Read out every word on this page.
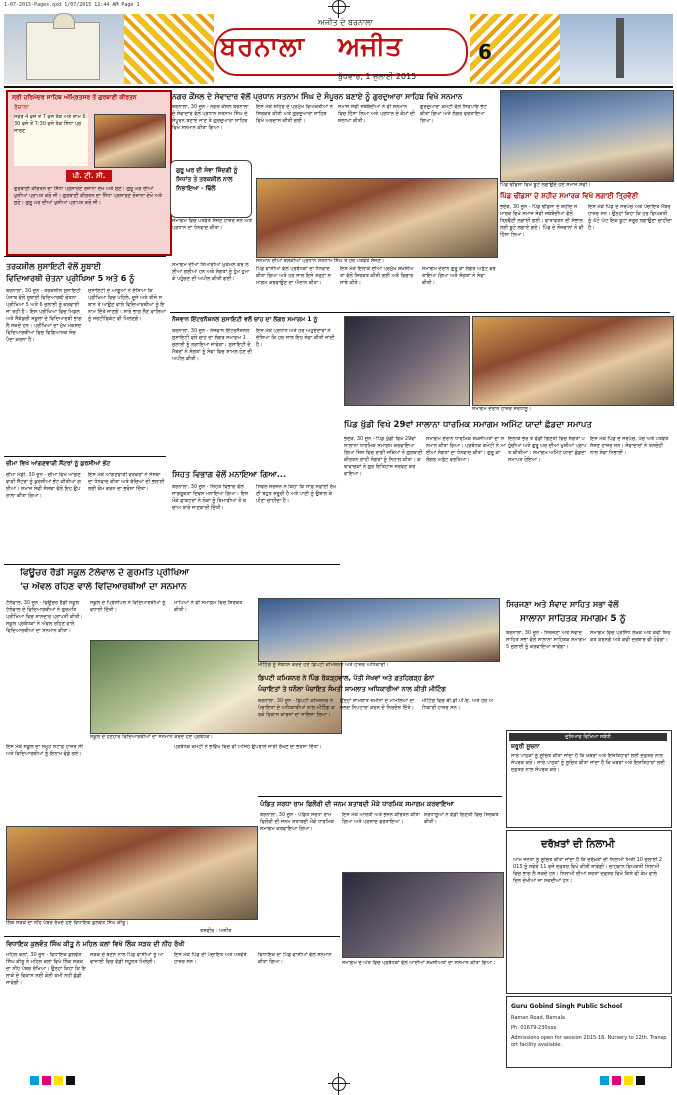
1-07-2015-Pages.qxd 1/07/2015 12:44 AM Page 1
ਅਜੀਤ ਦੇ ਬਰਨਾਲਾ
ਬਰਨਾਲਾ ਅਜੀਤ
ਬੁੱਧਵਾਰ, 1 ਜੁਲਾਈ 2015
6
ਸ੍ਰੀ ਹਰਿਮੰਦਰ ਸਾਹਿਬ ਅੰਮ੍ਰਿਤਸਰ ਤੋਂ ਗੁਰਬਾਣੀ ਕੀਰਤਨ
ਰੋਜ਼ਾਨਾ
ਸਵੇਰੇ 4 ਵਜੇ ਤੋਂ 7 ਵਜੇ ਤੱਕ ਅਤੇ ਸ਼ਾਮ 6:30 ਵਜੇ ਤੋਂ 7:30 ਵਜੇ ਤੱਕ ਸਿੱਧਾ ਪ੍ਰਸਾਰਣ
ਪੀ. ਟੀ. ਸੀ.
ਗੁਰਬਾਣੀ ਕੀਰਤਨ ਦਾ ਸਿੱਧਾ ਪ੍ਰਸਾਰਣ ਰੋਜ਼ਾਨਾ ਦੇਖੋ ਅਤੇ ਸੁਣੋ। ਗੁਰੂ ਘਰ ਦੀਆਂ ਖੁਸ਼ੀਆਂ ਪ੍ਰਾਪਤ ਕਰੋ ਜੀ। ਗੁਰਬਾਣੀ ਕੀਰਤਨ ਦਾ ਸਿੱਧਾ ਪ੍ਰਸਾਰਣ ਰੋਜ਼ਾਨਾ ਦੇਖੋ ਅਤੇ ਸੁਣੋ। ਗੁਰੂ ਘਰ ਦੀਆਂ ਖੁਸ਼ੀਆਂ ਪ੍ਰਾਪਤ ਕਰੋ ਜੀ।
ਨਗਰ ਕੌਂਸਲ ਦੇ ਸੇਵਾਦਾਰ ਵੱਲੋਂ ਪ੍ਰਧਾਨ ਸਤਨਾਮ ਸਿੰਘ ਦੇ ਸੰਪੂਰਨ ਬਣਾਏ ਨੂੰ ਗੁਰਦੁਆਰਾ ਸਾਹਿਬ ਵਿਖੇ ਸਨਮਾਨ
ਬਰਨਾਲਾ, 30 ਜੂਨ - ਨਗਰ ਕੌਂਸਲ ਬਰਨਾਲਾ ਦੇ ਸੇਵਾਦਾਰ ਵੱਲੋਂ ਪ੍ਰਧਾਨ ਸਤਨਾਮ ਸਿੰਘ ਦੇ ਸੰਪੂਰਨ ਬਣਾਏ ਜਾਣ ਤੇ ਗੁਰਦੁਆਰਾ ਸਾਹਿਬ ਵਿਖੇ ਸਨਮਾਨ ਕੀਤਾ ਗਿਆ।
ਗੁਰੂ ਘਰ ਦੀ ਸੇਵਾ ਜ਼ਿੰਦਗੀ ਨੂੰ ਸਿਧਾਂਤ ਤੇ ਤਰਕਸ਼ੀਲ ਨਾਲ ਨਿਭਾਇਆ - ਢਿੱਲੋਂ
ਸਮਾਗਮ ਵਿਚ ਪਤਵੰਤੇ ਸੱਜਣ ਹਾਜ਼ਰ ਸਨ ਅਤੇ ਪ੍ਰਧਾਨ ਦਾ ਧੰਨਵਾਦ ਕੀਤਾ।
ਇਸ ਮੌਕੇ ਸ਼ਹਿਰ ਦੇ ਪ੍ਰਮੁੱਖ ਵਿਅਕਤੀਆਂ ਨੇ ਸ਼ਿਰਕਤ ਕੀਤੀ ਅਤੇ ਗੁਰਦੁਆਰਾ ਸਾਹਿਬ ਵਿਖੇ ਅਰਦਾਸ ਕੀਤੀ ਗਈ।
ਸਮਾਜ ਸੇਵੀ ਜਥੇਬੰਦੀਆਂ ਨੇ ਵੀ ਸਨਮਾਨ ਵਿਚ ਹਿੱਸਾ ਲਿਆ ਅਤੇ ਪ੍ਰਧਾਨ ਦੇ ਕੰਮਾਂ ਦੀ ਸ਼ਲਾਘਾ ਕੀਤੀ।
ਗੁਰਦੁਆਰਾ ਕਮੇਟੀ ਵੱਲੋਂ ਸਿਰੋਪਾਓ ਭੇਟ ਕੀਤਾ ਗਿਆ ਅਤੇ ਲੰਗਰ ਵਰਤਾਇਆ ਗਿਆ।
ਸਨਮਾਨ ਦੀਆਂ ਝਲਕੀਆਂ ਪ੍ਰਧਾਨ ਸਤਨਾਮ ਸਿੰਘ ਤੇ ਹੋਰ ਪਤਵੰਤੇ ਸੱਜਣ।
ਪਿੰਡ ਢੀਂਡਸਾ ਵਿਖੇ ਬੂਟੇ ਲਗਾਉਂਦੇ ਹੋਏ ਸਮਾਜ ਸੇਵੀ।
ਪਿੰਡ ਢੀਂਡਸਾ ਦੇ ਸ਼ਹੀਦ ਸਮਾਰਕ ਵਿਖੇ ਲਗਾਈ ਤ੍ਰਿਵੈਣੀ
ਭਦੌੜ, 30 ਜੂਨ - ਪਿੰਡ ਢੀਂਡਸਾ ਦੇ ਸ਼ਹੀਦ ਸਮਾਰਕ ਵਿਖੇ ਸਮਾਜ ਸੇਵੀ ਜਥੇਬੰਦੀਆਂ ਵੱਲੋਂ ਤ੍ਰਿਵੈਣੀ ਲਗਾਈ ਗਈ। ਵਾਤਾਵਰਨ ਦੀ ਸੰਭਾਲ ਲਈ ਬੂਟੇ ਲਗਾਏ ਗਏ। ਪਿੰਡ ਦੇ ਨੌਜਵਾਨਾਂ ਨੇ ਵੀ ਹਿੱਸਾ ਲਿਆ।
ਇਸ ਮੌਕੇ ਪਿੰਡ ਦੇ ਸਰਪੰਚ ਅਤੇ ਪੰਚਾਇਤ ਮੈਂਬਰ ਹਾਜ਼ਰ ਸਨ। ਉਨ੍ਹਾਂ ਕਿਹਾ ਕਿ ਹਰ ਵਿਅਕਤੀ ਨੂੰ ਘੱਟੋ ਘੱਟ ਇਕ ਬੂਟਾ ਜ਼ਰੂਰ ਲਗਾਉਣਾ ਚਾਹੀਦਾ ਹੈ।
ਤਰਕਸ਼ੀਲ ਸੁਸਾਇਟੀ ਵੱਲੋਂ ਸੂਬਾਈ
ਵਿਦਿਆਰਥੀ ਚੇਤਨਾ ਪ੍ਰੀਖਿਆ 5 ਅਤੇ 6 ਨੂੰ
ਬਰਨਾਲਾ, 30 ਜੂਨ - ਤਰਕਸ਼ੀਲ ਸੁਸਾਇਟੀ ਪੰਜਾਬ ਵੱਲੋਂ ਸੂਬਾਈ ਵਿਦਿਆਰਥੀ ਚੇਤਨਾ ਪ੍ਰੀਖਿਆ 5 ਅਤੇ 6 ਜੁਲਾਈ ਨੂੰ ਕਰਵਾਈ ਜਾ ਰਹੀ ਹੈ। ਇਸ ਪ੍ਰੀਖਿਆ ਵਿਚ ਮਿਡਲ ਅਤੇ ਸੈਕੰਡਰੀ ਸਕੂਲਾਂ ਦੇ ਵਿਦਿਆਰਥੀ ਭਾਗ ਲੈ ਸਕਦੇ ਹਨ। ਪ੍ਰੀਖਿਆ ਦਾ ਮੁੱਖ ਮਕਸਦ ਵਿਦਿਆਰਥੀਆਂ ਵਿਚ ਵਿਗਿਆਨਕ ਸੋਚ ਪੈਦਾ ਕਰਨਾ ਹੈ।
ਸੁਸਾਇਟੀ ਦੇ ਆਗੂਆਂ ਨੇ ਦੱਸਿਆ ਕਿ ਪ੍ਰੀਖਿਆ ਵਿਚ ਪਹਿਲੇ, ਦੂਜੇ ਅਤੇ ਤੀਜੇ ਸਥਾਨ ਤੇ ਆਉਣ ਵਾਲੇ ਵਿਦਿਆਰਥੀਆਂ ਨੂੰ ਇਨਾਮ ਦਿੱਤੇ ਜਾਣਗੇ। ਸਾਰੇ ਭਾਗ ਲੈਣ ਵਾਲਿਆਂ ਨੂੰ ਸਰਟੀਫਿਕੇਟ ਵੀ ਮਿਲਣਗੇ।
ਸਮਾਗਮ ਦੀਆਂ ਤਿਆਰੀਆਂ ਮੁਕੰਮਲ ਕਰ ਲਈਆਂ ਗਈਆਂ ਹਨ ਅਤੇ ਸੰਗਤਾਂ ਨੂੰ ਹੁੰਮ ਹੁਮਾ ਕੇ ਪਹੁੰਚਣ ਦੀ ਅਪੀਲ ਕੀਤੀ ਗਈ।
ਪਿੰਡ ਵਾਸੀਆਂ ਵੱਲੋਂ ਪ੍ਰਬੰਧਕਾਂ ਦਾ ਧੰਨਵਾਦ ਕੀਤਾ ਗਿਆ ਅਤੇ ਹਰ ਸਾਲ ਇਸੇ ਤਰ੍ਹਾਂ ਸਮਾਗਮ ਕਰਵਾਉਣ ਦਾ ਐਲਾਨ ਕੀਤਾ।
ਇਸ ਮੌਕੇ ਇਲਾਕੇ ਦੀਆਂ ਪ੍ਰਮੁੱਖ ਸ਼ਖ਼ਸੀਅਤਾਂ ਵੱਲੋਂ ਸ਼ਿਰਕਤ ਕੀਤੀ ਗਈ ਅਤੇ ਵਿਚਾਰ ਸਾਂਝੇ ਕੀਤੇ।
ਸਮਾਗਮ ਦੌਰਾਨ ਗੁਰੂ ਕਾ ਲੰਗਰ ਅਤੁੱਟ ਵਰਤਾਇਆ ਗਿਆ ਅਤੇ ਸੰਗਤਾਂ ਨੇ ਸੇਵਾ ਕੀਤੀ।
ਨੌਜਵਾਨ ਇੰਟਰਨੈਸ਼ਨਲ ਸੁਸਾਇਟੀ ਵਲੋਂ ਚਾਹ ਦਾ ਲੰਗਰ ਸਮਾਗਮ 1 ਨੂੰ
ਬਰਨਾਲਾ, 30 ਜੂਨ - ਨੌਜਵਾਨ ਇੰਟਰਨੈਸ਼ਨਲ ਸੁਸਾਇਟੀ ਵਲੋਂ ਚਾਹ ਦਾ ਲੰਗਰ ਸਮਾਗਮ 1 ਜੁਲਾਈ ਨੂੰ ਲਗਾਇਆ ਜਾਵੇਗਾ। ਸੁਸਾਇਟੀ ਦੇ ਮੈਂਬਰਾਂ ਨੇ ਸੰਗਤਾਂ ਨੂੰ ਸੇਵਾ ਵਿਚ ਸ਼ਾਮਲ ਹੋਣ ਦੀ ਅਪੀਲ ਕੀਤੀ।
ਇਸ ਮੌਕੇ ਪ੍ਰਧਾਨ ਅਤੇ ਹੋਰ ਅਹੁਦੇਦਾਰਾਂ ਨੇ ਦੱਸਿਆ ਕਿ ਹਰ ਸਾਲ ਇਹ ਸੇਵਾ ਕੀਤੀ ਜਾਂਦੀ ਹੈ।
ਸਮਾਗਮ ਦੌਰਾਨ ਹਾਜ਼ਰ ਸ਼ਰਧਾਲੂ।
ਪਿੰਡ ਖੁੱਡੀ ਵਿਖੇ 29ਵਾਂ ਸਾਲਾਨਾ ਧਾਰਮਿਕ ਸਮਾਗਮ ਅਮਿੱਟ ਯਾਦਾਂ ਛੱਡਦਾ ਸਮਾਪਤ
ਭਦੌੜ, 30 ਜੂਨ - ਪਿੰਡ ਖੁੱਡੀ ਵਿਖੇ 29ਵਾਂ ਸਾਲਾਨਾ ਧਾਰਮਿਕ ਸਮਾਗਮ ਕਰਵਾਇਆ ਗਿਆ ਜਿਸ ਵਿਚ ਰਾਗੀ ਜਥਿਆਂ ਨੇ ਗੁਰਬਾਣੀ ਕੀਰਤਨ ਰਾਹੀਂ ਸੰਗਤਾਂ ਨੂੰ ਨਿਹਾਲ ਕੀਤਾ। ਕਥਾਵਾਚਕਾਂ ਨੇ ਗੁਰ ਇਤਿਹਾਸ ਸਰਵਣ ਕਰਵਾਇਆ।
ਸਮਾਗਮ ਦੌਰਾਨ ਧਾਰਮਿਕ ਸ਼ਖ਼ਸੀਅਤਾਂ ਦਾ ਸਨਮਾਨ ਕੀਤਾ ਗਿਆ। ਪ੍ਰਬੰਧਕ ਕਮੇਟੀ ਨੇ ਆਈਆਂ ਸੰਗਤਾਂ ਦਾ ਧੰਨਵਾਦ ਕੀਤਾ। ਗੁਰੂ ਕਾ ਲੰਗਰ ਅਤੁੱਟ ਵਰਤਿਆ।
ਇਲਾਕੇ ਭਰ ਤੋਂ ਵੱਡੀ ਗਿਣਤੀ ਵਿਚ ਸੰਗਤਾਂ ਪਹੁੰਚੀਆਂ ਅਤੇ ਗੁਰੂ ਘਰ ਦੀਆਂ ਖੁਸ਼ੀਆਂ ਪ੍ਰਾਪਤ ਕੀਤੀਆਂ। ਸਮਾਗਮ ਅਮਿੱਟ ਯਾਦਾਂ ਛੱਡਦਾ ਸਮਾਪਤ ਹੋਇਆ।
ਇਸ ਮੌਕੇ ਪਿੰਡ ਦੇ ਸਰਪੰਚ, ਪੰਚ ਅਤੇ ਪਤਵੰਤੇ ਸੱਜਣ ਹਾਜ਼ਰ ਸਨ। ਸੇਵਾਦਾਰਾਂ ਨੇ ਤਨਦੇਹੀ ਨਾਲ ਸੇਵਾ ਨਿਭਾਈ।
ਚੀਮਾ ਵਿਖੇ ਆਂਗਣਵਾੜੀ ਸੈਂਟਰਾਂ ਨੂੰ ਕੁਰਸੀਆਂ ਭੇਂਟ
ਚੀਮਾ ਮੰਡੀ, 30 ਜੂਨ - ਚੀਮਾ ਵਿਖੇ ਆਂਗਣਵਾੜੀ ਸੈਂਟਰਾਂ ਨੂੰ ਕੁਰਸੀਆਂ ਭੇਂਟ ਕੀਤੀਆਂ ਗਈਆਂ। ਸਮਾਜ ਸੇਵੀ ਸੰਸਥਾ ਵੱਲੋਂ ਇਹ ਉਪਰਾਲਾ ਕੀਤਾ ਗਿਆ।
ਇਸ ਮੌਕੇ ਆਂਗਣਵਾੜੀ ਵਰਕਰਾਂ ਨੇ ਸੰਸਥਾ ਦਾ ਧੰਨਵਾਦ ਕੀਤਾ ਅਤੇ ਬੱਚਿਆਂ ਦੀ ਭਲਾਈ ਲਈ ਕੰਮ ਕਰਨ ਦਾ ਭਰੋਸਾ ਦਿੱਤਾ।
ਸਿਹਤ ਵਿਭਾਗ ਵੱਲੋਂ ਮਨਾਇਆ ਗਿਆ...
ਬਰਨਾਲਾ, 30 ਜੂਨ - ਸਿਹਤ ਵਿਭਾਗ ਵੱਲੋਂ ਜਾਗਰੂਕਤਾ ਦਿਵਸ ਮਨਾਇਆ ਗਿਆ। ਇਸ ਮੌਕੇ ਡਾਕਟਰਾਂ ਨੇ ਲੋਕਾਂ ਨੂੰ ਬਿਮਾਰੀਆਂ ਤੋਂ ਬਚਾਅ ਬਾਰੇ ਜਾਣਕਾਰੀ ਦਿੱਤੀ।
ਸਿਵਲ ਸਰਜਨ ਨੇ ਕਿਹਾ ਕਿ ਸਾਫ਼ ਸਫ਼ਾਈ ਰੱਖਣੀ ਬਹੁਤ ਜ਼ਰੂਰੀ ਹੈ ਅਤੇ ਪਾਣੀ ਨੂੰ ਉਬਾਲ ਕੇ ਪੀਣਾ ਚਾਹੀਦਾ ਹੈ।
ਫਿਊਚਰ ਰੈਡੀ ਸਕੂਲ ਟੱਲੇਵਾਲ ਦੇ ਗੁਰਮਤਿ ਪ੍ਰੀਖਿਆ
'ਚ ਅੱਵਲ ਰਹਿਣ ਵਾਲੇ ਵਿਦਿਆਰਥੀਆਂ ਦਾ ਸਨਮਾਨ
ਟੱਲੇਵਾਲ, 30 ਜੂਨ - ਫਿਊਚਰ ਰੈਡੀ ਸਕੂਲ ਟੱਲੇਵਾਲ ਦੇ ਵਿਦਿਆਰਥੀਆਂ ਨੇ ਗੁਰਮਤਿ ਪ੍ਰੀਖਿਆ ਵਿਚ ਸ਼ਾਨਦਾਰ ਪ੍ਰਾਪਤੀ ਕੀਤੀ। ਸਕੂਲ ਪ੍ਰਬੰਧਕਾਂ ਨੇ ਅੱਵਲ ਰਹਿਣ ਵਾਲੇ ਵਿਦਿਆਰਥੀਆਂ ਦਾ ਸਨਮਾਨ ਕੀਤਾ।
ਸਕੂਲ ਦੇ ਪ੍ਰਿੰਸੀਪਲ ਨੇ ਵਿਦਿਆਰਥੀਆਂ ਨੂੰ ਵਧਾਈ ਦਿੱਤੀ।
ਮਾਪਿਆਂ ਨੇ ਵੀ ਸਮਾਗਮ ਵਿਚ ਸ਼ਿਰਕਤ ਕੀਤੀ।
ਸਕੂਲ ਦੇ ਹੋਣਹਾਰ ਵਿਦਿਆਰਥੀਆਂ ਦਾ ਸਨਮਾਨ ਕਰਦੇ ਹੋਏ ਪ੍ਰਬੰਧਕ।
ਇਸ ਮੌਕੇ ਸਕੂਲ ਦਾ ਸਮੂਹ ਸਟਾਫ਼ ਹਾਜ਼ਰ ਸੀ ਅਤੇ ਵਿਦਿਆਰਥੀਆਂ ਨੂੰ ਇਨਾਮ ਵੰਡੇ ਗਏ।
ਪ੍ਰਬੰਧਕ ਕਮੇਟੀ ਨੇ ਭਵਿੱਖ ਵਿਚ ਵੀ ਅਜਿਹੇ ਉਪਰਾਲੇ ਜਾਰੀ ਰੱਖਣ ਦਾ ਭਰੋਸਾ ਦਿੱਤਾ।
ਮੀਟਿੰਗ ਨੂੰ ਸੰਬੋਧਨ ਕਰਦੇ ਹੋਏ ਡਿਪਟੀ ਕਮਿਸ਼ਨਰ ਅਤੇ ਹਾਜ਼ਰ ਅਧਿਕਾਰੀ।
ਡਿਪਟੀ ਕਮਿਸ਼ਨਰ ਨੇ ਪਿੰਡ ਰੱਕੜ੍ਹਵਾਲ, ਪੱਤੀ ਸੇਖਵਾਂ ਅਤੇ ਫ਼ਤਹਿਗੜ੍ਹ ਛੰਨਾਂ
ਪੰਚਾਇਤਾਂ ਤੇ ਧਨੌਲਾ ਪੰਚਾਇਤ ਸੰਮਤੀ ਸ਼ਾਮਲਾਤ ਅਧਿਕਾਰੀਆਂ ਨਾਲ ਕੀਤੀ ਮੀਟਿੰਗ
ਬਰਨਾਲਾ, 30 ਜੂਨ - ਡਿਪਟੀ ਕਮਿਸ਼ਨਰ ਨੇ ਪੰਚਾਇਤਾਂ ਦੇ ਅਧਿਕਾਰੀਆਂ ਨਾਲ ਮੀਟਿੰਗ ਕਰਕੇ ਵਿਕਾਸ ਕਾਰਜਾਂ ਦਾ ਜਾਇਜ਼ਾ ਲਿਆ।
ਉਨ੍ਹਾਂ ਸ਼ਾਮਲਾਤ ਜ਼ਮੀਨਾਂ ਦੇ ਮਾਮਲਿਆਂ ਦਾ ਜਲਦ ਨਿਪਟਾਰਾ ਕਰਨ ਦੇ ਨਿਰਦੇਸ਼ ਦਿੱਤੇ।
ਮੀਟਿੰਗ ਵਿਚ ਬੀ.ਡੀ.ਪੀ.ਓ. ਅਤੇ ਹੋਰ ਅਧਿਕਾਰੀ ਹਾਜ਼ਰ ਸਨ।
ਸਿਰਜਣਾ ਅਤੇ ਸੰਵਾਦ ਸਾਹਿਤ ਸਭਾ ਵੱਲੋਂ
ਸਾਲਾਨਾ ਸਾਹਿਤਕ ਸਮਾਗਮ 5 ਨੂੰ
ਬਰਨਾਲਾ, 30 ਜੂਨ - ਸਿਰਜਣਾ ਅਤੇ ਸੰਵਾਦ ਸਾਹਿਤ ਸਭਾ ਵੱਲੋਂ ਸਾਲਾਨਾ ਸਾਹਿਤਕ ਸਮਾਗਮ 5 ਜੁਲਾਈ ਨੂੰ ਕਰਵਾਇਆ ਜਾਵੇਗਾ।
ਸਮਾਗਮ ਵਿਚ ਪ੍ਰਸਿੱਧ ਲੇਖਕ ਅਤੇ ਕਵੀ ਸ਼ਿਰਕਤ ਕਰਨਗੇ ਅਤੇ ਕਵੀ ਦਰਬਾਰ ਵੀ ਹੋਵੇਗਾ।
ਦੁਨਿਆਵ ਵਿਖਿਆ ਸਬੰਧੀ
ਜ਼ਰੂਰੀ ਸੂਚਨਾ
ਸਾਰੇ ਪਾਠਕਾਂ ਨੂੰ ਸੂਚਿਤ ਕੀਤਾ ਜਾਂਦਾ ਹੈ ਕਿ ਖ਼ਬਰਾਂ ਅਤੇ ਇਸ਼ਤਿਹਾਰਾਂ ਲਈ ਦਫ਼ਤਰ ਨਾਲ ਸੰਪਰਕ ਕਰੋ। ਸਾਰੇ ਪਾਠਕਾਂ ਨੂੰ ਸੂਚਿਤ ਕੀਤਾ ਜਾਂਦਾ ਹੈ ਕਿ ਖ਼ਬਰਾਂ ਅਤੇ ਇਸ਼ਤਿਹਾਰਾਂ ਲਈ ਦਫ਼ਤਰ ਨਾਲ ਸੰਪਰਕ ਕਰੋ।
ਲਿੰਕ ਸੜਕ ਦਾ ਨੀਂਹ ਪੱਥਰ ਰੱਖਦੇ ਹੋਏ ਵਿਧਾਇਕ ਕੁਲਵੰਤ ਸਿੰਘ ਕੀਤੂ।
ਤਸਵੀਰ : ਅਜੀਤ
ਪੰਡਿਤ ਸਰਧਾ ਰਾਮ ਫਿਲੌਰੀ ਦੀ ਜਨਮ ਸ਼ਤਾਬਦੀ ਮੌਕੇ ਧਾਰਮਿਕ ਸਮਾਗਮ ਕਰਵਾਇਆ
ਬਰਨਾਲਾ, 30 ਜੂਨ - ਪੰਡਿਤ ਸਰਧਾ ਰਾਮ ਫਿਲੌਰੀ ਦੀ ਜਨਮ ਸ਼ਤਾਬਦੀ ਮੌਕੇ ਧਾਰਮਿਕ ਸਮਾਗਮ ਕਰਵਾਇਆ ਗਿਆ।
ਇਸ ਮੌਕੇ ਆਰਤੀ ਅਤੇ ਭਜਨ ਕੀਰਤਨ ਕੀਤਾ ਗਿਆ ਅਤੇ ਪ੍ਰਸ਼ਾਦ ਵਰਤਾਇਆ।
ਸ਼ਰਧਾਲੂਆਂ ਨੇ ਵੱਡੀ ਗਿਣਤੀ ਵਿਚ ਸ਼ਿਰਕਤ ਕੀਤੀ।
ਵਿਧਾਇਕ ਕੁਲਵੰਤ ਸਿੰਘ ਕੀਤੂ ਨੇ ਮਹਿਲ ਕਲਾਂ ਵਿਖੇ ਲਿੰਕ ਸੜਕ ਦੀ ਨੀਂਹ ਰੱਖੀ
ਮਹਿਲ ਕਲਾਂ, 30 ਜੂਨ - ਵਿਧਾਇਕ ਕੁਲਵੰਤ ਸਿੰਘ ਕੀਤੂ ਨੇ ਮਹਿਲ ਕਲਾਂ ਵਿਖੇ ਲਿੰਕ ਸੜਕ ਦਾ ਨੀਂਹ ਪੱਥਰ ਰੱਖਿਆ। ਉਨ੍ਹਾਂ ਕਿਹਾ ਕਿ ਇਲਾਕੇ ਦੇ ਵਿਕਾਸ ਲਈ ਕੋਈ ਕਮੀ ਨਹੀਂ ਛੱਡੀ ਜਾਵੇਗੀ।
ਸੜਕ ਦੇ ਬਣਨ ਨਾਲ ਪਿੰਡ ਵਾਸੀਆਂ ਨੂੰ ਆਵਾਜਾਈ ਵਿਚ ਵੱਡੀ ਸਹੂਲਤ ਮਿਲੇਗੀ।
ਇਸ ਮੌਕੇ ਪਿੰਡ ਦੀ ਪੰਚਾਇਤ ਅਤੇ ਪਤਵੰਤੇ ਹਾਜ਼ਰ ਸਨ।
ਵਿਧਾਇਕ ਦਾ ਪਿੰਡ ਵਾਸੀਆਂ ਵੱਲੋਂ ਸਨਮਾਨ ਕੀਤਾ ਗਿਆ।	ਸਮਾਗਮ ਦੇ ਅੰਤ ਵਿਚ ਪ੍ਰਬੰਧਕਾਂ ਵੱਲੋਂ ਆਈਆਂ ਸ਼ਖ਼ਸੀਅਤਾਂ ਦਾ ਸਨਮਾਨ ਕੀਤਾ ਗਿਆ।
ਦਰੱਖ਼ਤਾਂ ਦੀ ਨਿਲਾਮੀ
ਆਮ ਜਨਤਾ ਨੂੰ ਸੂਚਿਤ ਕੀਤਾ ਜਾਂਦਾ ਹੈ ਕਿ ਦਰੱਖ਼ਤਾਂ ਦੀ ਨਿਲਾਮੀ ਮਿਤੀ 10 ਜੁਲਾਈ 2015 ਨੂੰ ਸਵੇਰੇ 11 ਵਜੇ ਦਫ਼ਤਰ ਵਿਖੇ ਕੀਤੀ ਜਾਵੇਗੀ। ਚਾਹਵਾਨ ਵਿਅਕਤੀ ਨਿਲਾਮੀ ਵਿਚ ਭਾਗ ਲੈ ਸਕਦੇ ਹਨ। ਨਿਲਾਮੀ ਦੀਆਂ ਸ਼ਰਤਾਂ ਦਫ਼ਤਰ ਵਿਖੇ ਕਿਸੇ ਵੀ ਕੰਮ ਵਾਲੇ ਦਿਨ ਦੇਖੀਆਂ ਜਾ ਸਕਦੀਆਂ ਹਨ।
Guru Gobind Singh Public School
Raman Road, Barnala
Ph. 01679-230xxx
Admissions open for session 2015-16. Nursery to 12th. Transport facility available.
